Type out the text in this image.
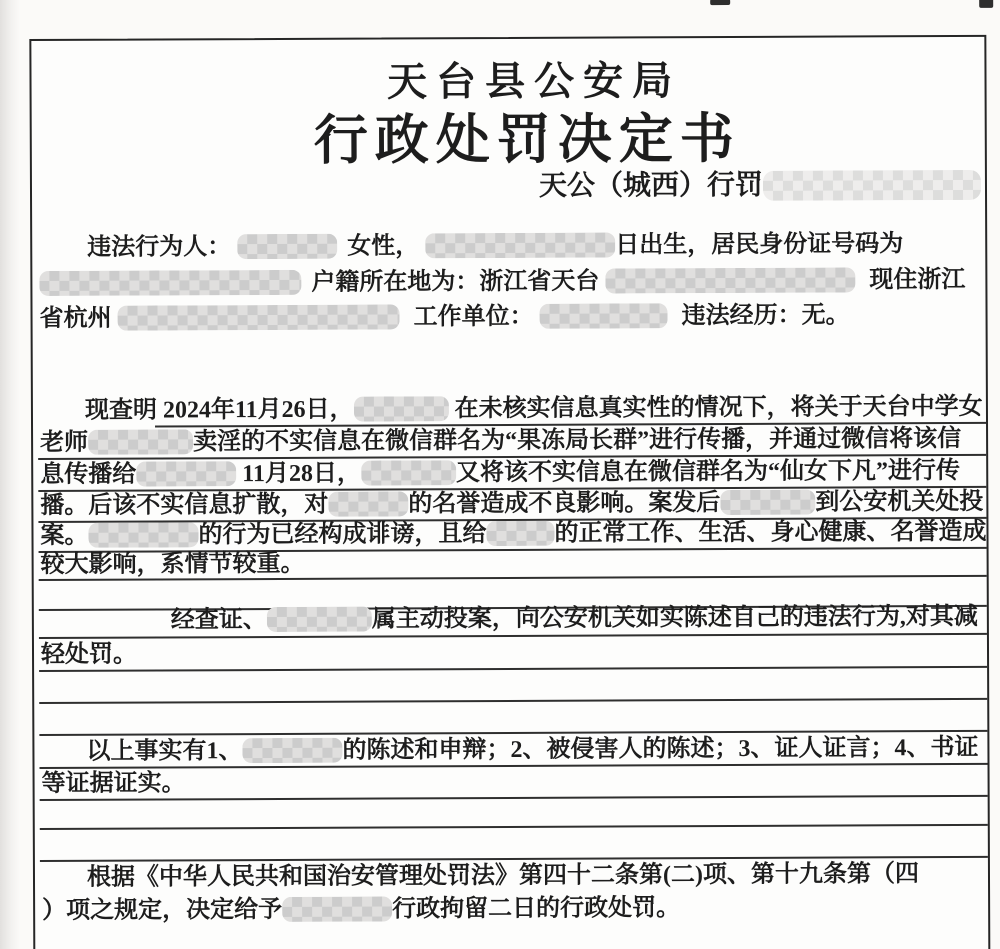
天台县公安局
行政处罚决定书
天公（城西）行罚
违法行为人：	女性，	日出生，居民身份证号码为
户籍所在地为：浙江省天台	现住浙江
省杭州	工作单位：	违法经历：无。
现查明 2024年11月26日，	在未核实信息真实性的情况下，将关于天台中学女
老师	卖淫的不实信息在微信群名为“果冻局长群”进行传播，并通过微信将该信
息传播给	11月28日，	又将该不实信息在微信群名为“仙女下凡”进行传
播。后该不实信息扩散，对	的名誉造成不良影响。案发后	到公安机关处投
案。	的行为已经构成诽谤，且给	的正常工作、生活、身心健康、名誉造成
较大影响，系情节较重。
经查证、	属主动投案，向公安机关如实陈述自己的违法行为,对其减
轻处罚。
以上事实有1、	的陈述和申辩；2、被侵害人的陈述；3、证人证言；4、书证
等证据证实。
根据《中华人民共和国治安管理处罚法》第四十二条第(二)项、第十九条第（四
）项之规定，决定给予	行政拘留二日的行政处罚。
